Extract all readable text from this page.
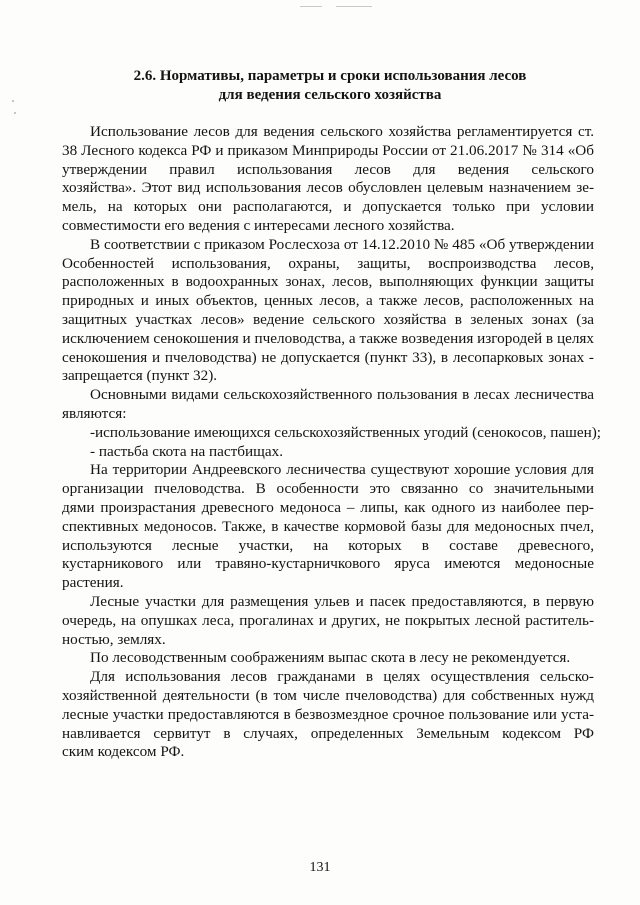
2.6. Нормативы, параметры и сроки использования лесов
для ведения сельского хозяйства
Использование лесов для ведения сельского хозяйства регламентируется ст.
38 Лесного кодекса РФ и приказом Минприроды России от 21.06.2017 № 314 «Об
утверждении правил использования лесов для ведения сельского
хозяйства». Этот вид использования лесов обусловлен целевым назначением зе-
мель, на которых они располагаются, и допускается только при условии
совместимости его ведения с интересами лесного хозяйства.
В соответствии с приказом Рослесхоза от 14.12.2010 № 485 «Об утверждении
Особенностей использования, охраны, защиты, воспроизводства лесов,
расположенных в водоохранных зонах, лесов, выполняющих функции защиты
природных и иных объектов, ценных лесов, а также лесов, расположенных на
защитных участках лесов» ведение сельского хозяйства в зеленых зонах (за
исключением сенокошения и пчеловодства, а также возведения изгородей в целях
сенокошения и пчеловодства) не допускается (пункт 33), в лесопарковых зонах -
запрещается (пункт 32).
Основными видами сельскохозяйственного пользования в лесах лесничества
являются:
-использование имеющихся сельскохозяйственных угодий (сенокосов, пашен);
- пастьба скота на пастбищах.
На территории Андреевского лесничества существуют хорошие условия для
организации пчеловодства. В особенности это связанно со значительными
дями произрастания древесного медоноса – липы, как одного из наиболее пер-
спективных медоносов. Также, в качестве кормовой базы для медоносных пчел,
используются лесные участки, на которых в составе древесного,
кустарникового или травяно-кустарничкового яруса имеются медоносные
растения.
Лесные участки для размещения ульев и пасек предоставляются, в первую
очередь, на опушках леса, прогалинах и других, не покрытых лесной раститель-
ностью, землях.
По лесоводственным соображениям выпас скота в лесу не рекомендуется.
Для использования лесов гражданами в целях осуществления сельско-
хозяйственной деятельности (в том числе пчеловодства) для собственных нужд
лесные участки предоставляются в безвозмездное срочное пользование или уста-
навливается сервитут в случаях, определенных Земельным кодексом РФ
ским кодексом РФ.
131
